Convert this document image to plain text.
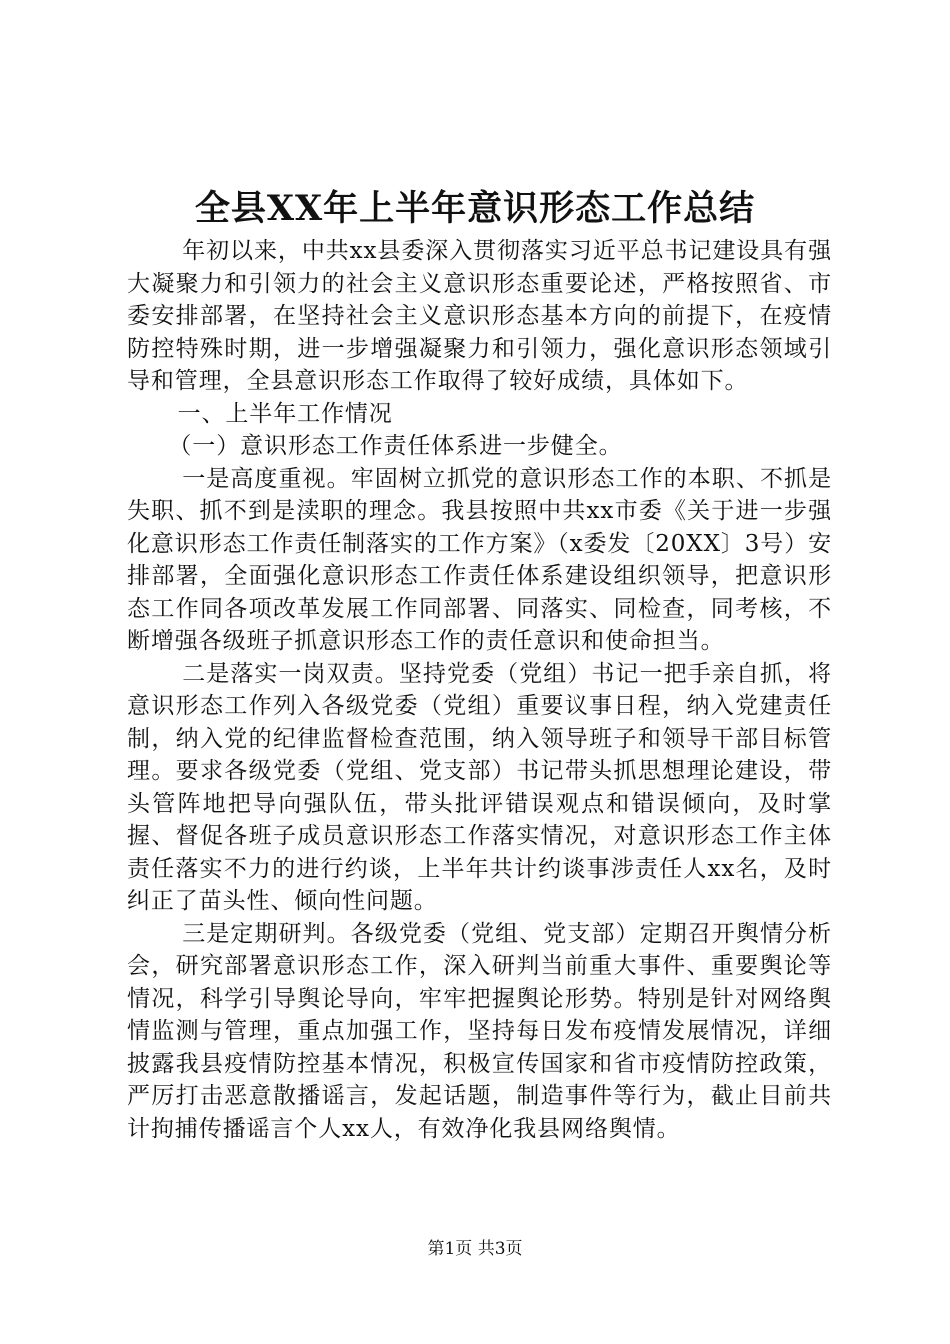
全县XX年上半年意识形态工作总结

年初以来，中共xx县委深入贯彻落实习近平总书记建设具有强大凝聚力和引领力的社会主义意识形态重要论述，严格按照省、市委安排部署，在坚持社会主义意识形态基本方向的前提下，在疫情防控特殊时期，进一步增强凝聚力和引领力，强化意识形态领域引导和管理，全县意识形态工作取得了较好成绩，具体如下。

一、上半年工作情况

（一）意识形态工作责任体系进一步健全。

一是高度重视。牢固树立抓党的意识形态工作的本职、不抓是失职、抓不到是渎职的理念。我县按照中共xx市委《关于进一步强化意识形态工作责任制落实的工作方案》（x委发〔20XX〕3号）安排部署，全面强化意识形态工作责任体系建设组织领导，把意识形态工作同各项改革发展工作同部署、同落实、同检查，同考核，不断增强各级班子抓意识形态工作的责任意识和使命担当。

二是落实一岗双责。坚持党委（党组）书记一把手亲自抓，将意识形态工作列入各级党委（党组）重要议事日程，纳入党建责任制，纳入党的纪律监督检查范围，纳入领导班子和领导干部目标管理。要求各级党委（党组、党支部）书记带头抓思想理论建设，带头管阵地把导向强队伍，带头批评错误观点和错误倾向，及时掌握、督促各班子成员意识形态工作落实情况，对意识形态工作主体责任落实不力的进行约谈，上半年共计约谈事涉责任人xx名，及时纠正了苗头性、倾向性问题。

三是定期研判。各级党委（党组、党支部）定期召开舆情分析会，研究部署意识形态工作，深入研判当前重大事件、重要舆论等情况，科学引导舆论导向，牢牢把握舆论形势。特别是针对网络舆情监测与管理，重点加强工作，坚持每日发布疫情发展情况，详细披露我县疫情防控基本情况，积极宣传国家和省市疫情防控政策，严厉打击恶意散播谣言，发起话题，制造事件等行为，截止目前共计拘捕传播谣言个人xx人，有效净化我县网络舆情。

第1页 共3页
